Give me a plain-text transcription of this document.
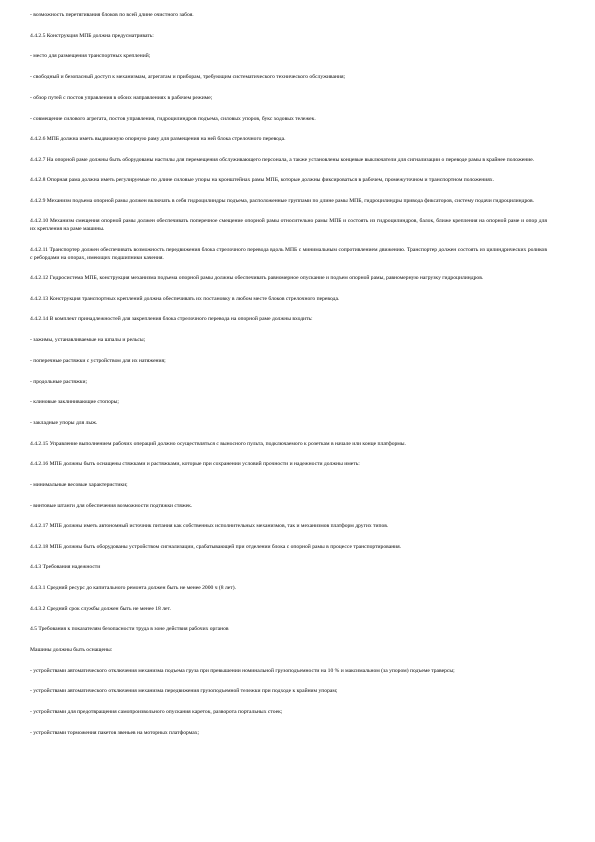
- возможность перетягивания блоков по всей длине очистного забоя.

4.4.2.5 Конструкция МПБ должна предусматривать:

- место для размещения транспортных креплений;

- свободный и безопасный доступ к механизмам, агрегатам и приборам, требующим систематического технического обслуживания;

- обзор путей с постов управления в обоих направлениях в рабочем режиме;

- совмещение силового агрегата, постов управления, гидроцилиндров подъема, силовых упоров, букс ходовых тележек.

4.4.2.6 МПБ должна иметь выдвижную опорную раму для размещения на ней блока стрелочного перевода.

4.4.2.7 На опорной раме должны быть оборудованы настилы для перемещения обслуживающего персонала, а также установлены концевые выключатели для сигнализации о переводе рамы в крайнее положение.

4.4.2.8 Опорная рама должна иметь регулируемые по длине силовые упоры на кронштейнах рамы МПБ, которые должны фиксироваться в рабочем, промежуточном и транспортном положениях.

4.4.2.9 Механизм подъема опорной рамы должен включать в себя гидроцилиндры подъема, расположенные группами по длине рамы МПБ, гидроцилиндры привода фиксаторов, систему подачи гидроцилиндров.

4.4.2.10 Механизм смещения опорной рамы должен обеспечивать поперечное смещение опорной рамы относительно рамы МПБ и состоять из гидроцилиндров, балок, ближе крепления на опорной раме и опор для их крепления на раме машины.

4.4.2.11 Транспортер должен обеспечивать возможность передвижения блока стрелочного перевода вдоль МПБ с минимальным сопротивлением движению. Транспортер должен состоять из цилиндрических роликов с ребордами на опорах, имеющих подшипники качения.

4.4.2.12 Гидросистема МПБ, конструкция механизма подъема опорной рамы должны обеспечивать равномерное опускание и подъем опорной рамы, равномерную нагрузку гидроцилиндров.

4.4.2.13 Конструкция транспортных креплений должна обеспечивать их постановку в любом месте блоков стрелочного перевода.

4.4.2.14 В комплект принадлежностей для закрепления блока стрелочного перевода на опорной раме должны входить:

- зажимы, устанавливаемые на шпалы и рельсы;

- поперечные растяжки с устройством для их натяжения;

- продольные растяжки;

- клиновые заклинивающие стопоры;

- закладные упоры для лыж.

4.4.2.15 Управление выполнением рабочих операций должно осуществляться с выносного пульта, подключаемого к розеткам в начале или конце платформы.

4.4.2.16 МПБ должны быть оснащены стяжками и растяжками, которые при сохранении условий прочности и надежности должны иметь:

- минимальные весовые характеристики;

- винтовые штанги для обеспечения возможности подтяжки стяжек.

4.4.2.17 МПБ должны иметь автономный источник питания как собственных исполнительных механизмов, так и механизмов платформ других типов.

4.4.2.18 МПБ должны быть оборудованы устройством сигнализации, срабатывающей при отделении блока с опорной рамы в процессе транспортирования.

4.4.3 Требования надежности

4.4.3.1 Средний ресурс до капитального ремонта должен быть не менее 2000 ч (8 лет).

4.4.3.2 Средний срок службы должен быть не менее 18 лет.

4.5 Требования к показателям безопасности труда в зоне действия рабочих органов

Машины должны быть оснащены:

- устройствами автоматического отключения механизма подъема груза при превышении номинальной грузоподъемности на 10 % и максимальном (за упором) подъеме траверсы;

- устройствами автоматического отключения механизма передвижения грузоподъемной тележки при подходе к крайним упорам;

- устройствами для предотвращения самопроизвольного опускания кареток, разворота портальных стоек;

- устройствами торможения пакетов звеньев на моторных платформах;
